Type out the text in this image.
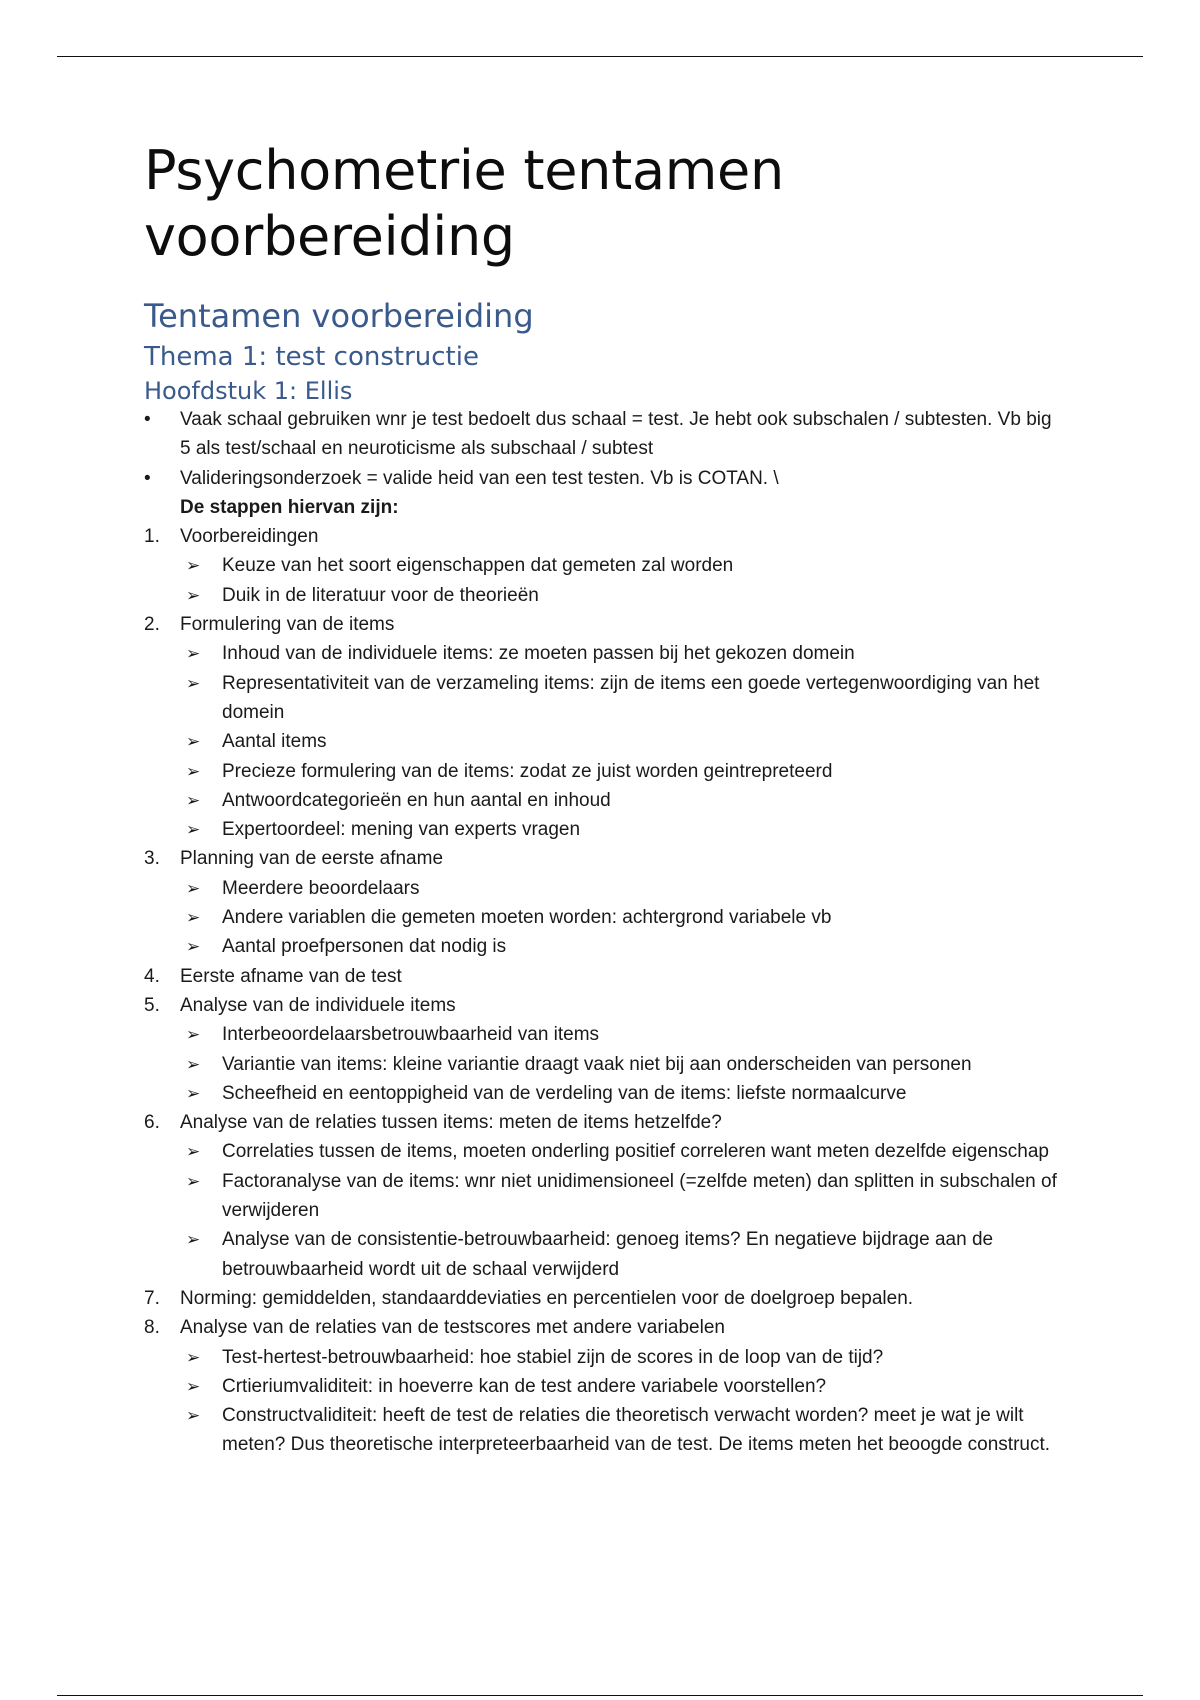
Psychometrie tentamen voorbereiding
Tentamen voorbereiding
Thema 1: test constructie
Hoofdstuk 1: Ellis
•	Vaak schaal gebruiken wnr je test bedoelt dus schaal = test. Je hebt ook subschalen / subtesten. Vb big 5 als test/schaal en neuroticisme als subschaal / subtest
•	Valideringsonderzoek = valide heid van een test testen. Vb is COTAN. \
De stappen hiervan zijn:
1. Voorbereidingen
➢ Keuze van het soort eigenschappen dat gemeten zal worden
➢ Duik in de literatuur voor de theorieën
2. Formulering van de items
➢ Inhoud van de individuele items: ze moeten passen bij het gekozen domein
➢ Representativiteit van de verzameling items: zijn de items een goede vertegenwoordiging van het domein
➢ Aantal items
➢ Precieze formulering van de items: zodat ze juist worden geintrepreteerd
➢ Antwoordcategorieën en hun aantal en inhoud
➢ Expertoordeel: mening van experts vragen
3. Planning van de eerste afname
➢ Meerdere beoordelaars
➢ Andere variablen die gemeten moeten worden: achtergrond variabele vb
➢ Aantal proefpersonen dat nodig is
4. Eerste afname van de test
5. Analyse van de individuele items
➢ Interbeoordelaarsbetrouwbaarheid van items
➢ Variantie van items: kleine variantie draagt vaak niet bij aan onderscheiden van personen
➢ Scheefheid en eentoppigheid van de verdeling van de items: liefste normaalcurve
6. Analyse van de relaties tussen items: meten de items hetzelfde?
➢ Correlaties tussen de items, moeten onderling positief correleren want meten dezelfde eigenschap
➢ Factoranalyse van de items: wnr niet unidimensioneel (=zelfde meten) dan splitten in subschalen of verwijderen
➢ Analyse van de consistentie-betrouwbaarheid: genoeg items? En negatieve bijdrage aan de betrouwbaarheid wordt uit de schaal verwijderd
7. Norming: gemiddelden, standaarddeviaties en percentielen voor de doelgroep bepalen.
8. Analyse van de relaties van de testscores met andere variabelen
➢ Test-hertest-betrouwbaarheid: hoe stabiel zijn de scores in de loop van de tijd?
➢ Crtieriumvaliditeit: in hoeverre kan de test andere variabele voorstellen?
➢ Constructvaliditeit: heeft de test de relaties die theoretisch verwacht worden? meet je wat je wilt meten? Dus theoretische interpreteerbaarheid van de test. De items meten het beoogde construct.
